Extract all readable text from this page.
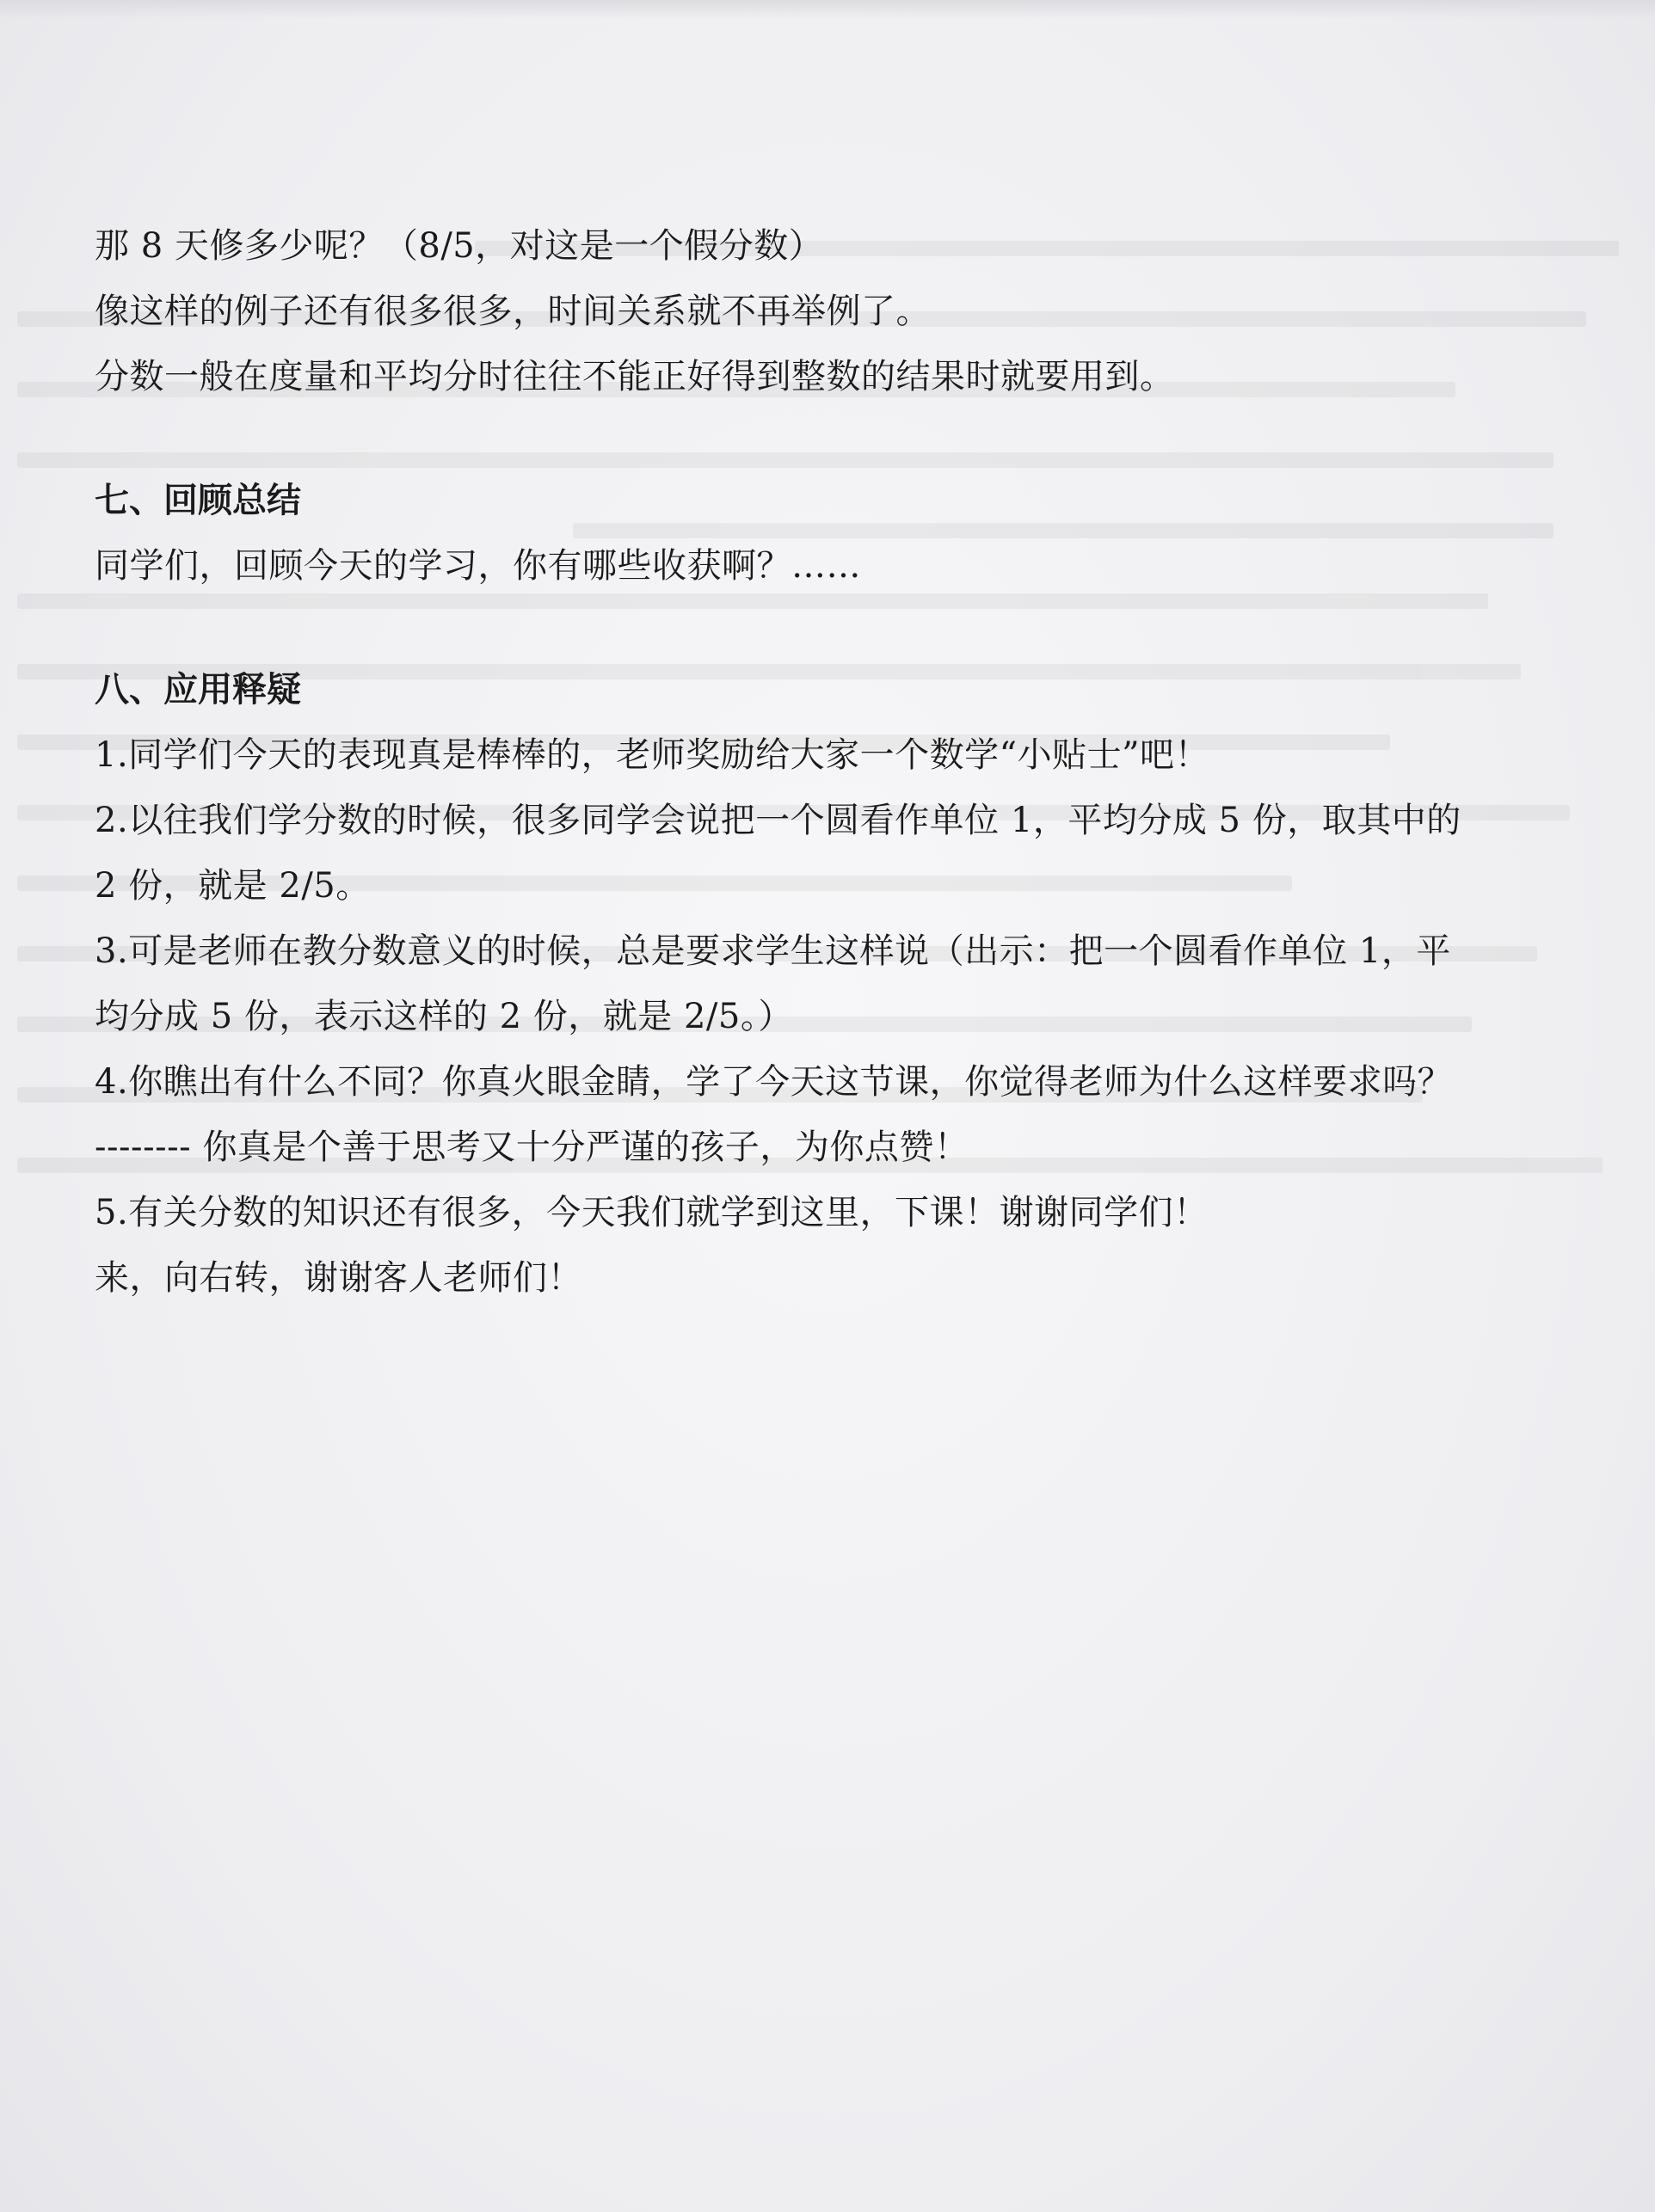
那 8 天修多少呢？（8/5，对这是一个假分数）
像这样的例子还有很多很多，时间关系就不再举例了。
分数一般在度量和平均分时往往不能正好得到整数的结果时就要用到。
七、回顾总结
同学们，回顾今天的学习，你有哪些收获啊？……
八、应用释疑
1.同学们今天的表现真是棒棒的，老师奖励给大家一个数学“小贴士”吧！
2.以往我们学分数的时候，很多同学会说把一个圆看作单位 1，平均分成 5 份，取其中的
2 份，就是 2/5。
3.可是老师在教分数意义的时候，总是要求学生这样说（出示：把一个圆看作单位 1，平
均分成 5 份，表示这样的 2 份，就是 2/5。）
4.你瞧出有什么不同？你真火眼金睛，学了今天这节课，你觉得老师为什么这样要求吗？
-------- 你真是个善于思考又十分严谨的孩子，为你点赞！
5.有关分数的知识还有很多，今天我们就学到这里，下课！谢谢同学们！
来，向右转，谢谢客人老师们！
